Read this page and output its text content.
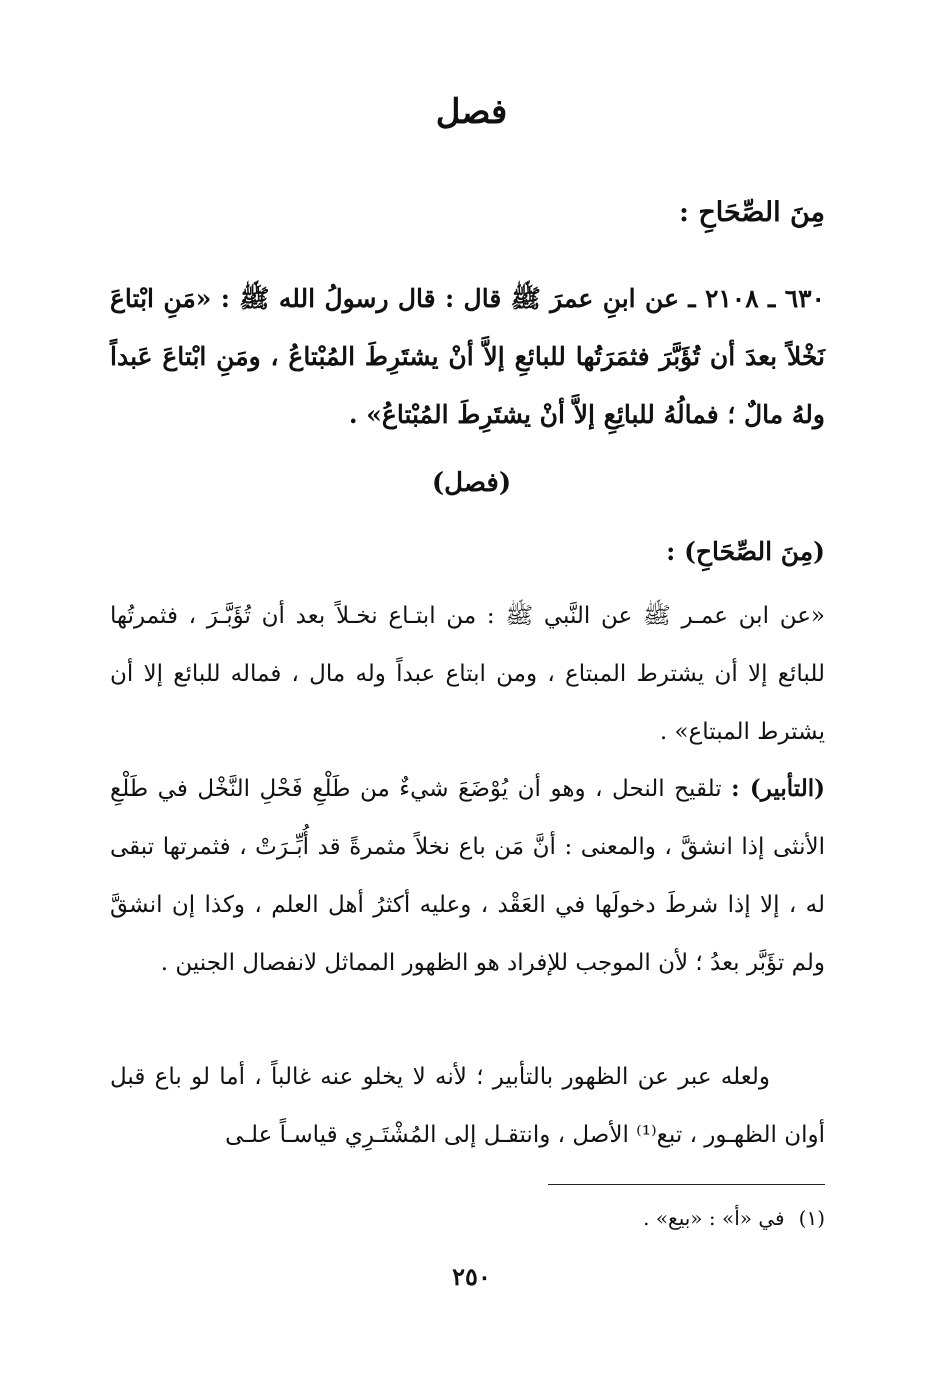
فصل
مِنَ الصِّحَاحِ :
٦٣٠ ـ ٢١٠٨ ـ عن ابنِ عمرَ ﷺ قال : قال رسولُ الله ﷺ : «مَنِ ابْتاعَ نَخْلاً بعدَ أن تُؤَبَّرَ فثمَرَتُها للبائعِ إلاَّ أنْ يشتَرِطَ المُبْتاعُ ، ومَنِ ابْتاعَ عَبداً ولهُ مالٌ ؛ فمالُهُ للبائِعِ إلاَّ أنْ يشتَرِطَ المُبْتاعُ» .
(فصل)
(مِنَ الصِّحَاحِ) :
«عن ابن عمـر ﷺ عن النَّبي ﷺ : من ابتـاع نخـلاً بعد أن تُؤَبَّـرَ ، فثمرتُها للبائع إلا أن يشترط المبتاع ، ومن ابتاع عبداً وله مال ، فماله للبائع إلا أن يشترط المبتاع» .
(التأبير) : تلقيح النحل ، وهو أن يُوْضَعَ شيءٌ من طَلْعِ فَحْلِ النَّخْل في طَلْعِ الأنثى إذا انشقَّ ، والمعنى : أنَّ مَن باع نخلاً مثمرةً قد أُبِّـرَتْ ، فثمرتها تبقى له ، إلا إذا شرطَ دخولَها في العَقْد ، وعليه أكثرُ أهل العلم ، وكذا إن انشقَّ ولم تؤَبَّر بعدُ ؛ لأن الموجب للإفراد هو الظهور المماثل لانفصال الجنين .
ولعله عبر عن الظهور بالتأبير ؛ لأنه لا يخلو عنه غالباً ، أما لو باع قبل أوان الظهـور ، تبع⁽¹⁾ الأصل ، وانتقـل إلى المُشْتَـرِي قياسـاً علـى
(١)في «أ» : «بيع» .
٢٥٠
